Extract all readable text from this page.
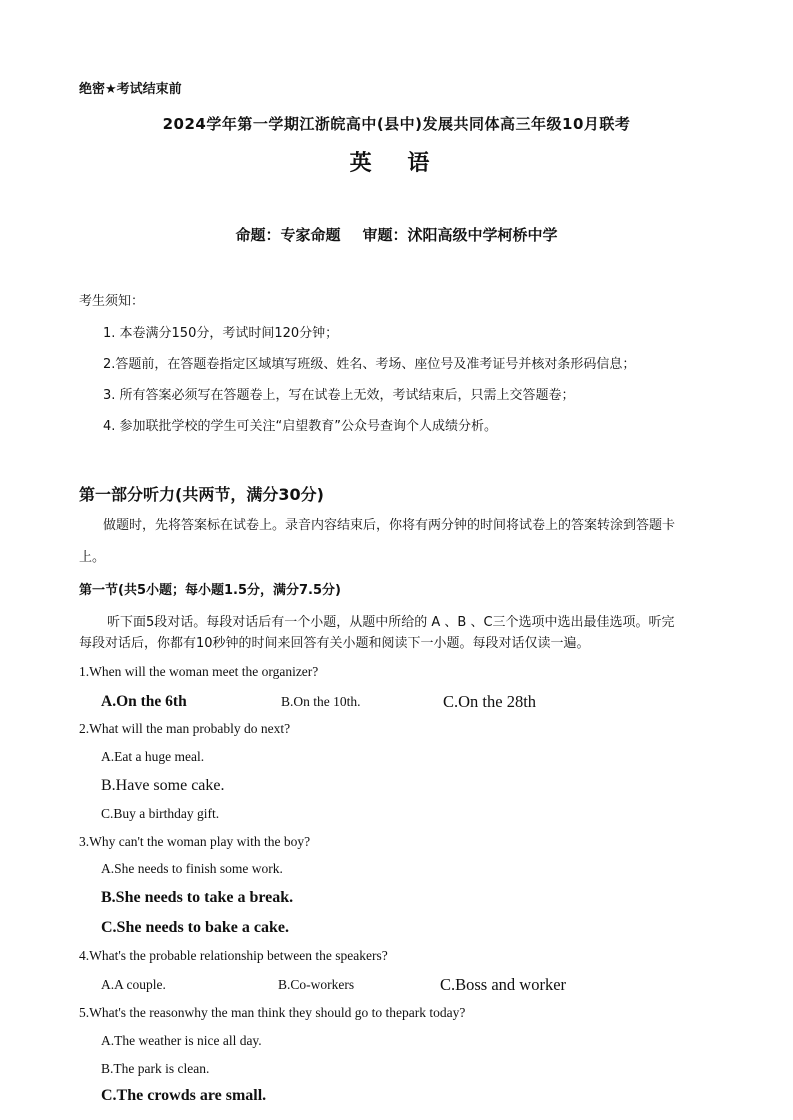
绝密★考试结束前
2024学年第一学期江浙皖高中(县中)发展共同体高三年级10月联考
英 语
命题：专家命题 审题：沭阳高级中学柯桥中学
考生须知：
1. 本卷满分150分，考试时间120分钟；
2.答题前，在答题卷指定区域填写班级、姓名、考场、座位号及准考证号并核对条形码信息；
3. 所有答案必须写在答题卷上，写在试卷上无效，考试结束后，只需上交答题卷；
4. 参加联批学校的学生可关注“启望教育”公众号查询个人成绩分析。
第一部分听力(共两节，满分30分)
做题时，先将答案标在试卷上。录音内容结束后，你将有两分钟的时间将试卷上的答案转涂到答题卡
上。
第一节(共5小题；每小题1.5分，满分7.5分)
听下面5段对话。每段对话后有一个小题，从题中所给的 A 、B 、C三个选项中选出最佳选项。听完
每段对话后，你都有10秒钟的时间来回答有关小题和阅读下一小题。每段对话仅读一遍。
1.When will the woman meet the organizer?
A.On the 6th	B.On the 10th.	C.On the 28th
2.What will the man probably do next?
A.Eat a huge meal.
B.Have some cake.
C.Buy a birthday gift.
3.Why can't the woman play with the boy?
A.She needs to finish some work.
B.She needs to take a break.
C.She needs to bake a cake.
4.What's the probable relationship between the speakers?
A.A couple.	B.Co-workers	C.Boss and worker
5.What's the reasonwhy the man think they should go to thepark today?
A.The weather is nice all day.
B.The park is clean.
C.The crowds are small.
